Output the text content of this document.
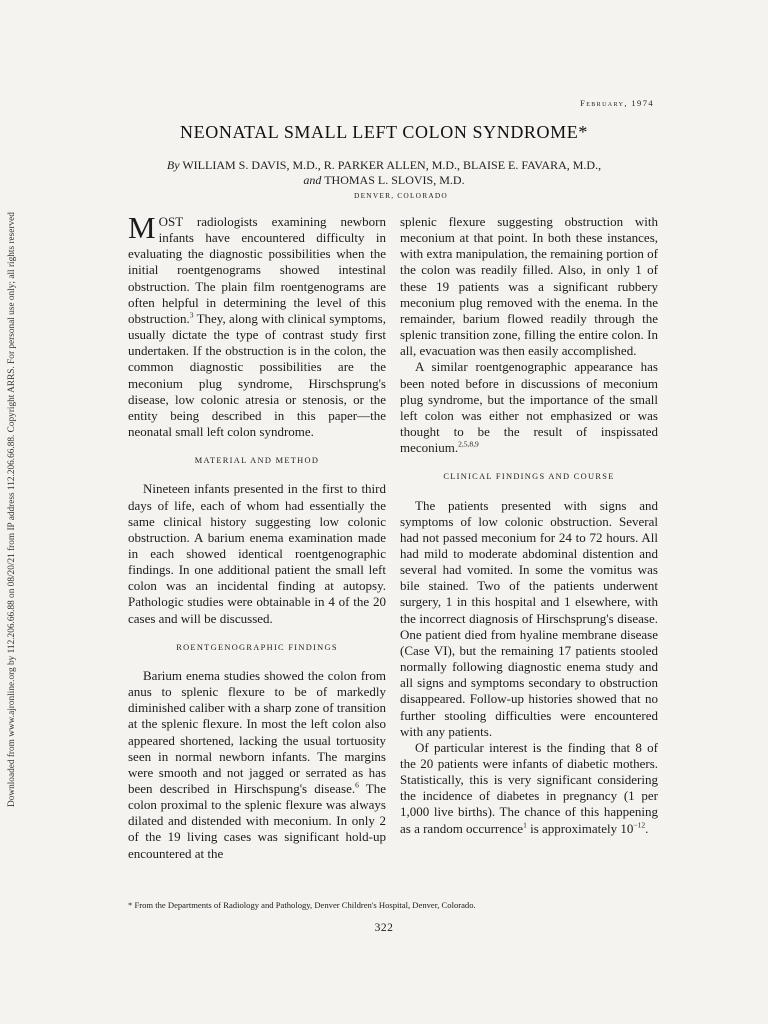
Downloaded from www.ajronline.org by 112.206.66.88 on 08/20/21 from IP address 112.206.66.88. Copyright ARRS. For personal use only; all rights reserved
February, 1974
NEONATAL SMALL LEFT COLON SYNDROME*
By WILLIAM S. DAVIS, M.D., R. PARKER ALLEN, M.D., BLAISE E. FAVARA, M.D.,
and THOMAS L. SLOVIS, M.D.
DENVER, COLORADO

MOST radiologists examining newborn infants have encountered difficulty in evaluating the diagnostic possibilities when the initial roentgenograms showed intestinal obstruction. The plain film roentgenograms are often helpful in determining the level of this obstruction.$^3$ They, along with clinical symptoms, usually dictate the type of contrast study first undertaken. If the obstruction is in the colon, the common diagnostic possibilities are the meconium plug syndrome, Hirschsprung's disease, low colonic atresia or stenosis, or the entity being described in this paper—the neonatal small left colon syndrome.

MATERIAL AND METHOD

Nineteen infants presented in the first to third days of life, each of whom had essentially the same clinical history suggesting low colonic obstruction. A barium enema examination made in each showed identical roentgenographic findings. In one additional patient the small left colon was an incidental finding at autopsy. Pathologic studies were obtainable in 4 of the 20 cases and will be discussed.

ROENTGENOGRAPHIC FINDINGS

Barium enema studies showed the colon from anus to splenic flexure to be of markedly diminished caliber with a sharp zone of transition at the splenic flexure. In most the left colon also appeared shortened, lacking the usual tortuosity seen in normal newborn infants. The margins were smooth and not jagged or serrated as has been described in Hirschspung's disease.$^6$ The colon proximal to the splenic flexure was always dilated and distended with meconium. In only 2 of the 19 living cases was significant hold-up encountered at the

splenic flexure suggesting obstruction with meconium at that point. In both these instances, with extra manipulation, the remaining portion of the colon was readily filled. Also, in only 1 of these 19 patients was a significant rubbery meconium plug removed with the enema. In the remainder, barium flowed readily through the splenic transition zone, filling the entire colon. In all, evacuation was then easily accomplished.

A similar roentgenographic appearance has been noted before in discussions of meconium plug syndrome, but the importance of the small left colon was either not emphasized or was thought to be the result of inspissated meconium.$^{2,5,8,9}$

CLINICAL FINDINGS AND COURSE

The patients presented with signs and symptoms of low colonic obstruction. Several had not passed meconium for 24 to 72 hours. All had mild to moderate abdominal distention and several had vomited. In some the vomitus was bile stained. Two of the patients underwent surgery, 1 in this hospital and 1 elsewhere, with the incorrect diagnosis of Hirschsprung's disease. One patient died from hyaline membrane disease (Case VI), but the remaining 17 patients stooled normally following diagnostic enema study and all signs and symptoms secondary to obstruction disappeared. Follow-up histories showed that no further stooling difficulties were encountered with any patients.

Of particular interest is the finding that 8 of the 20 patients were infants of diabetic mothers. Statistically, this is very significant considering the incidence of diabetes in pregnancy (1 per 1,000 live births). The chance of this happening as a random occurrence$^1$ is approximately $10^{-12}$.

* From the Departments of Radiology and Pathology, Denver Children's Hospital, Denver, Colorado.
322
